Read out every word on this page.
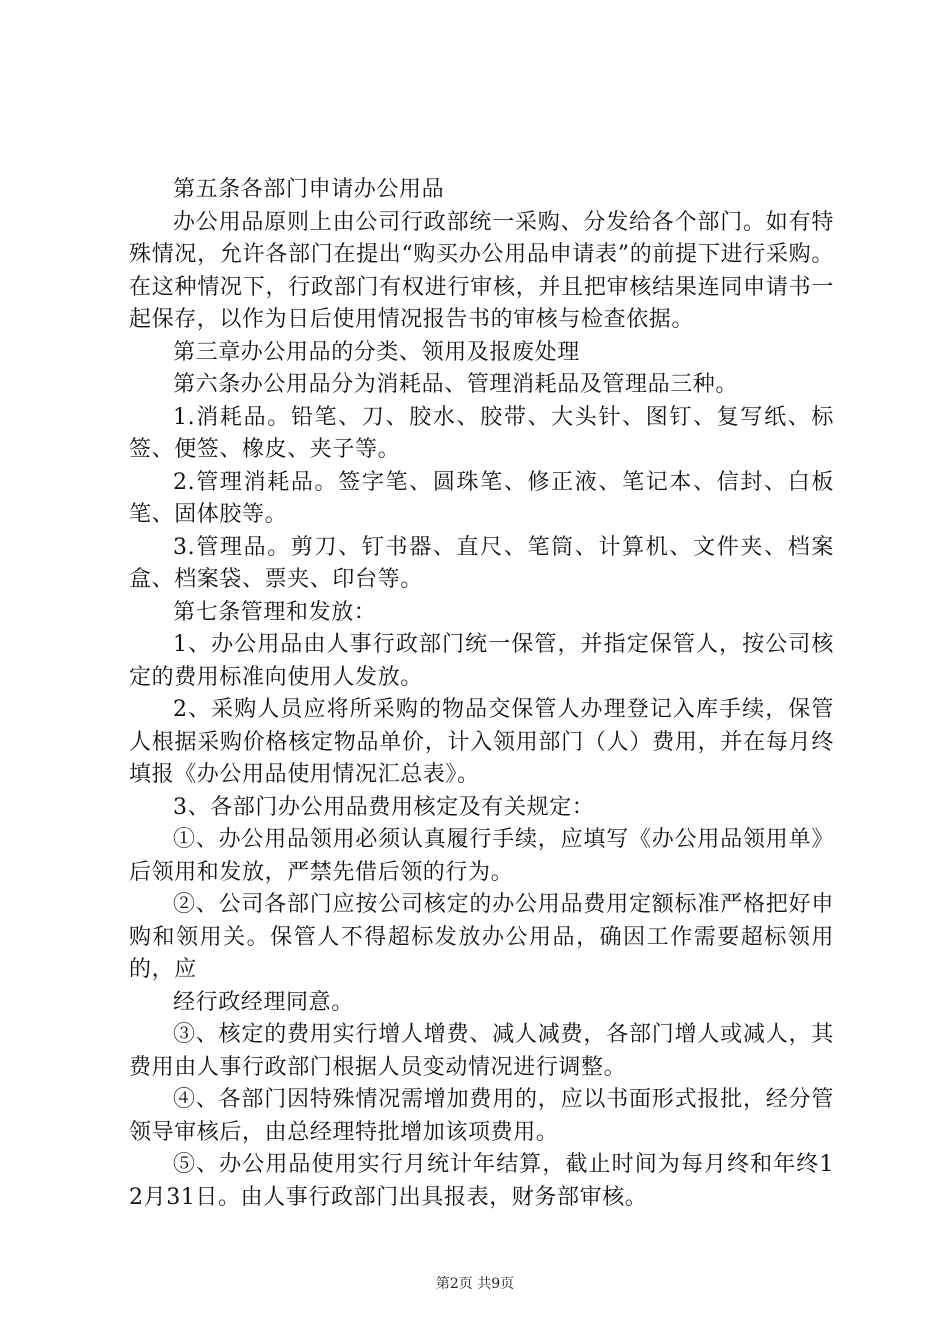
第五条各部门申请办公用品

办公用品原则上由公司行政部统一采购、分发给各个部门。如有特殊情况，允许各部门在提出“购买办公用品申请表”的前提下进行采购。在这种情况下，行政部门有权进行审核，并且把审核结果连同申请书一起保存，以作为日后使用情况报告书的审核与检查依据。

第三章办公用品的分类、领用及报废处理

第六条办公用品分为消耗品、管理消耗品及管理品三种。

1.消耗品。铅笔、刀、胶水、胶带、大头针、图钉、复写纸、标签、便签、橡皮、夹子等。

2.管理消耗品。签字笔、圆珠笔、修正液、笔记本、信封、白板笔、固体胶等。

3.管理品。剪刀、钉书器、直尺、笔筒、计算机、文件夹、档案盒、档案袋、票夹、印台等。

第七条管理和发放：

1、办公用品由人事行政部门统一保管，并指定保管人，按公司核定的费用标准向使用人发放。

2、采购人员应将所采购的物品交保管人办理登记入库手续，保管人根据采购价格核定物品单价，计入领用部门（人）费用，并在每月终填报《办公用品使用情况汇总表》。

3、各部门办公用品费用核定及有关规定：

①、办公用品领用必须认真履行手续，应填写《办公用品领用单》后领用和发放，严禁先借后领的行为。

②、公司各部门应按公司核定的办公用品费用定额标准严格把好申购和领用关。保管人不得超标发放办公用品，确因工作需要超标领用的，应

经行政经理同意。

③、核定的费用实行增人增费、减人减费，各部门增人或减人，其费用由人事行政部门根据人员变动情况进行调整。

④、各部门因特殊情况需增加费用的，应以书面形式报批，经分管领导审核后，由总经理特批增加该项费用。

⑤、办公用品使用实行月统计年结算，截止时间为每月终和年终12月31日。由人事行政部门出具报表，财务部审核。

第2页 共9页
